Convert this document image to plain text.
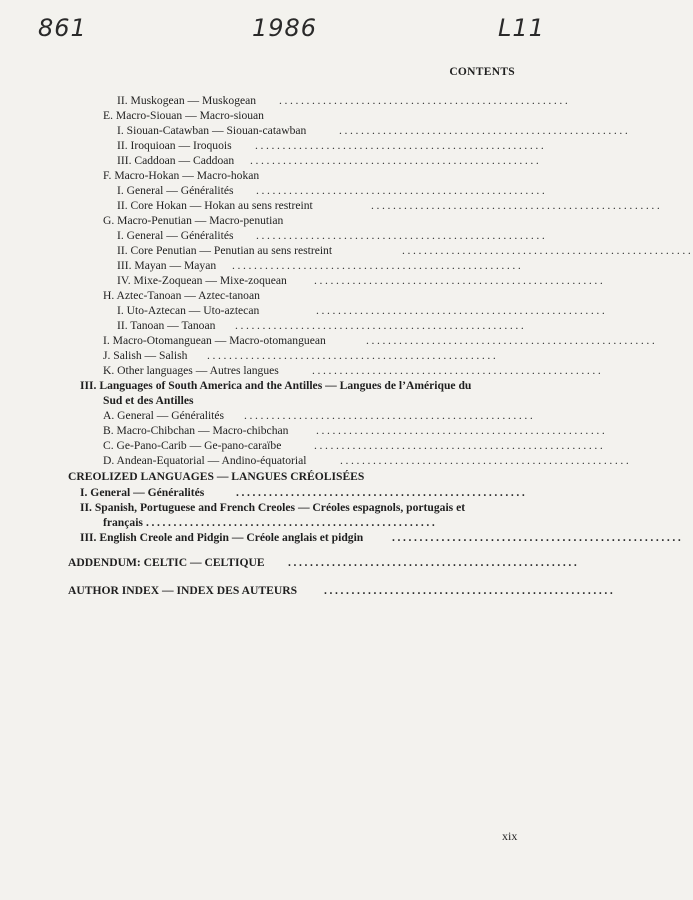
861	1986	L11
CONTENTS
II. Muskogean — Muskogean .....................................................
E. Macro-Siouan — Macro-siouan
I. Siouan-Catawban — Siouan-catawban	.....................................................
II. Iroquioan — Iroquois .....................................................
III. Caddoan — Caddoan .....................................................
F. Macro-Hokan — Macro-hokan
I. General — Généralités .....................................................
II. Core Hokan — Hokan au sens restreint	.....................................................
G. Macro-Penutian — Macro-penutian
I. General — Généralités .....................................................
II. Core Penutian — Penutian au sens restreint	.....................................................
III. Mayan — Mayan .....................................................
IV. Mixe-Zoquean — Mixe-zoquean .....................................................
H. Aztec-Tanoan — Aztec-tanoan
I. Uto-Aztecan — Uto-aztecan	.....................................................
II. Tanoan — Tanoan .....................................................
I. Macro-Otomanguean — Macro-otomanguean	.....................................................
J. Salish — Salish .....................................................
K. Other languages — Autres langues	.....................................................
III. Languages of South America and the Antilles — Langues de l’Amérique du
Sud et des Antilles
A. General — Généralités .....................................................
B. Macro-Chibchan — Macro-chibchan .....................................................
C. Ge-Pano-Carib — Ge-pano-caraïbe	.....................................................
D. Andean-Equatorial — Andino-équatorial	.....................................................
CREOLIZED LANGUAGES — LANGUES CRÉOLISÉES
I. General — Généralités	.....................................................
II. Spanish, Portuguese and French Creoles — Créoles espagnols, portugais et
français .....................................................
III. English Creole and Pidgin — Créole anglais et pidgin .....................................................
ADDENDUM: CELTIC — CELTIQUE .....................................................
AUTHOR INDEX — INDEX DES AUTEURS .....................................................
xix
